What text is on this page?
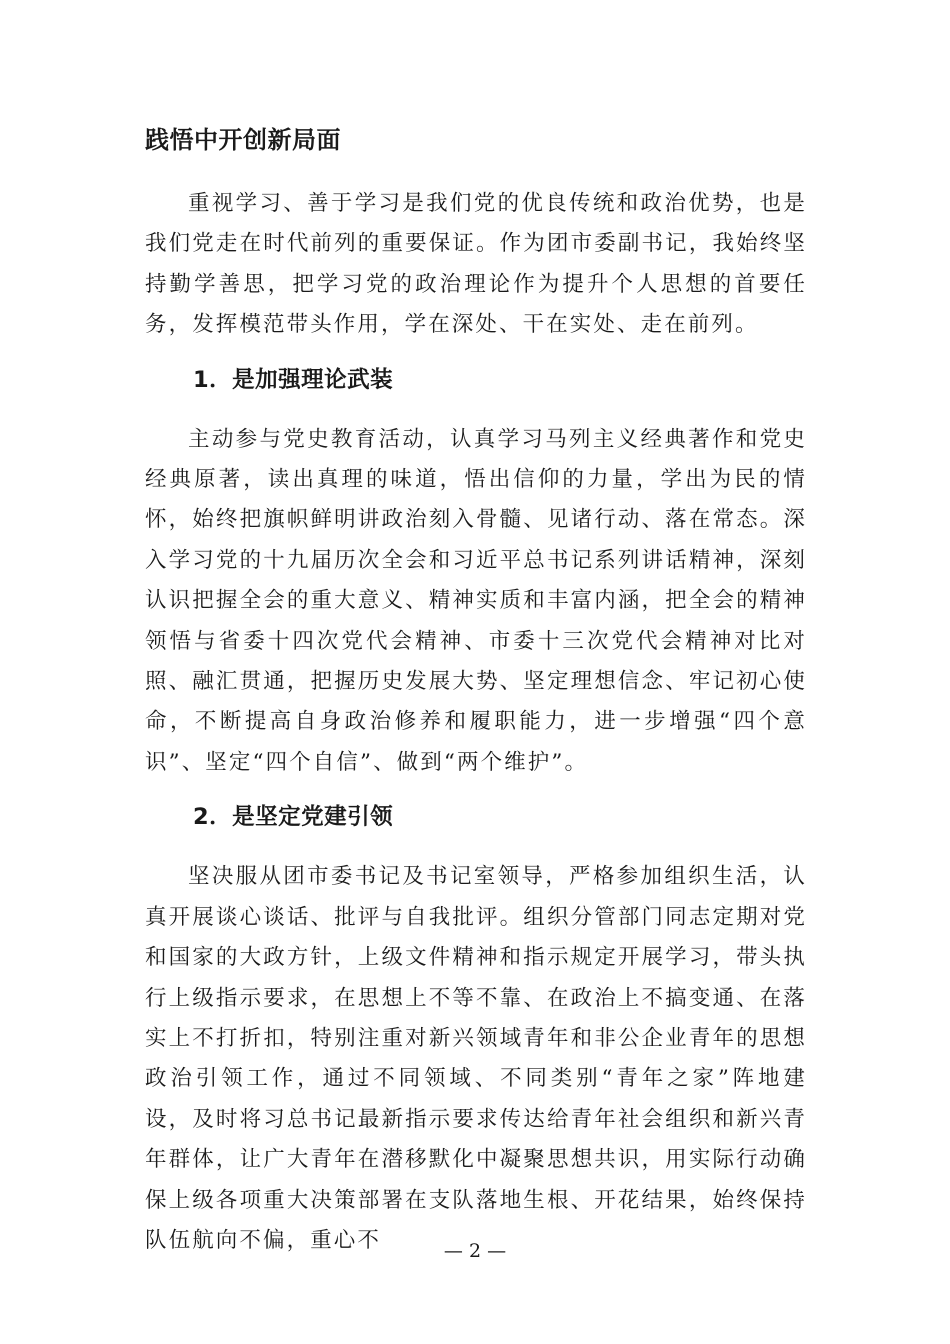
践悟中开创新局面

重视学习、善于学习是我们党的优良传统和政治优势，也是我们党走在时代前列的重要保证。作为团市委副书记，我始终坚持勤学善思，把学习党的政治理论作为提升个人思想的首要任务，发挥模范带头作用，学在深处、干在实处、走在前列。

1．是加强理论武装

主动参与党史教育活动，认真学习马列主义经典著作和党史经典原著，读出真理的味道，悟出信仰的力量，学出为民的情怀，始终把旗帜鲜明讲政治刻入骨髓、见诸行动、落在常态。深入学习党的十九届历次全会和习近平总书记系列讲话精神，深刻认识把握全会的重大意义、精神实质和丰富内涵，把全会的精神领悟与省委十四次党代会精神、市委十三次党代会精神对比对照、融汇贯通，把握历史发展大势、坚定理想信念、牢记初心使命，不断提高自身政治修养和履职能力，进一步增强“四个意识”、坚定“四个自信”、做到“两个维护”。

2．是坚定党建引领

坚决服从团市委书记及书记室领导，严格参加组织生活，认真开展谈心谈话、批评与自我批评。组织分管部门同志定期对党和国家的大政方针，上级文件精神和指示规定开展学习，带头执行上级指示要求，在思想上不等不靠、在政治上不搞变通、在落实上不打折扣，特别注重对新兴领域青年和非公企业青年的思想政治引领工作，通过不同领域、不同类别“青年之家”阵地建设，及时将习总书记最新指示要求传达给青年社会组织和新兴青年群体，让广大青年在潜移默化中凝聚思想共识，用实际行动确保上级各项重大决策部署在支队落地生根、开花结果，始终保持队伍航向不偏，重心不	— 2 —
